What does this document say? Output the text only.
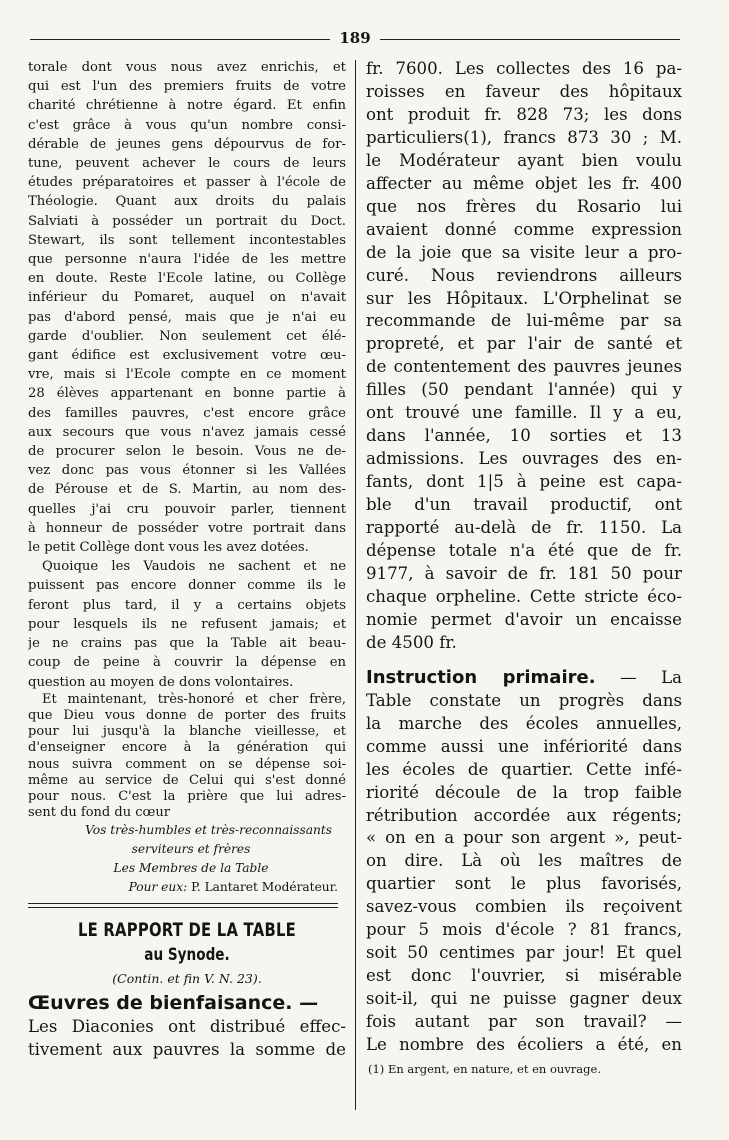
189

torale dont vous nous avez enrichis, et

qui est l'un des premiers fruits de votre

charité chrétienne à notre égard. Et enfin

c'est grâce à vous qu'un nombre consi-

dérable de jeunes gens dépourvus de for-

tune, peuvent achever le cours de leurs

études préparatoires et passer à l'école de

Théologie. Quant aux droits du palais

Salviati à posséder un portrait du Doct.

Stewart, ils sont tellement incontestables

que personne n'aura l'idée de les mettre

en doute. Reste l'Ecole latine, ou Collège

inférieur du Pomaret, auquel on n'avait

pas d'abord pensé, mais que je n'ai eu

garde d'oublier. Non seulement cet élé-

gant édifice est exclusivement votre œu-

vre, mais si l'Ecole compte en ce moment

28 élèves appartenant en bonne partie à

des familles pauvres, c'est encore grâce

aux secours que vous n'avez jamais cessé

de procurer selon le besoin. Vous ne de-

vez donc pas vous étonner si les Vallées

de Pérouse et de S. Martin, au nom des-

quelles j'ai cru pouvoir parler, tiennent

à honneur de posséder votre portrait dans

le petit Collège dont vous les avez dotées.

Quoique les Vaudois ne sachent et ne

puissent pas encore donner comme ils le

feront plus tard, il y a certains objets

pour lesquels ils ne refusent jamais; et

je ne crains pas que la Table ait beau-

coup de peine à couvrir la dépense en

question au moyen de dons volontaires.

Et maintenant, très-honoré et cher frère,

que Dieu vous donne de porter des fruits

pour lui jusqu'à la blanche vieillesse, et

d'enseigner encore à la génération qui

nous suivra comment on se dépense soi-

même au service de Celui qui s'est donné

pour nous. C'est la prière que lui adres-

sent du fond du cœur

Vos très-humbles et très-reconnaissants

serviteurs et frères

Les Membres de la Table

Pour eux: P. Lantaret Modérateur.

LE RAPPORT DE LA TABLE
au Synode.
(Contin. et fin V. N. 23).
Œuvres de bienfaisance. —

Les Diaconies ont distribué effec-

tivement aux pauvres la somme de

fr. 7600. Les collectes des 16 pa-

roisses en faveur des hôpitaux

ont produit fr. 828 73; les dons

particuliers(1), francs 873 30 ; M.

le Modérateur ayant bien voulu

affecter au même objet les fr. 400

que nos frères du Rosario lui

avaient donné comme expression

de la joie que sa visite leur a pro-

curé. Nous reviendrons ailleurs

sur les Hôpitaux. L'Orphelinat se

recommande de lui-même par sa

propreté, et par l'air de santé et

de contentement des pauvres jeunes

filles (50 pendant l'année) qui y

ont trouvé une famille. Il y a eu,

dans l'année, 10 sorties et 13

admissions. Les ouvrages des en-

fants, dont 1|5 à peine est capa-

ble d'un travail productif, ont

rapporté au-delà de fr. 1150. La

dépense totale n'a été que de fr.

9177, à savoir de fr. 181 50 pour

chaque orpheline. Cette stricte éco-

nomie permet d'avoir un encaisse

de 4500 fr.

Instruction primaire. — La

Table constate un progrès dans

la marche des écoles annuelles,

comme aussi une infériorité dans

les écoles de quartier. Cette infé-

riorité découle de la trop faible

rétribution accordée aux régents;

« on en a pour son argent », peut-

on dire. Là où les maîtres de

quartier sont le plus favorisés,

savez-vous combien ils reçoivent

pour 5 mois d'école ? 81 francs,

soit 50 centimes par jour! Et quel

est donc l'ouvrier, si misérable

soit-il, qui ne puisse gagner deux

fois autant par son travail? —

Le nombre des écoliers a été, en

(1) En argent, en nature, et en ouvrage.
